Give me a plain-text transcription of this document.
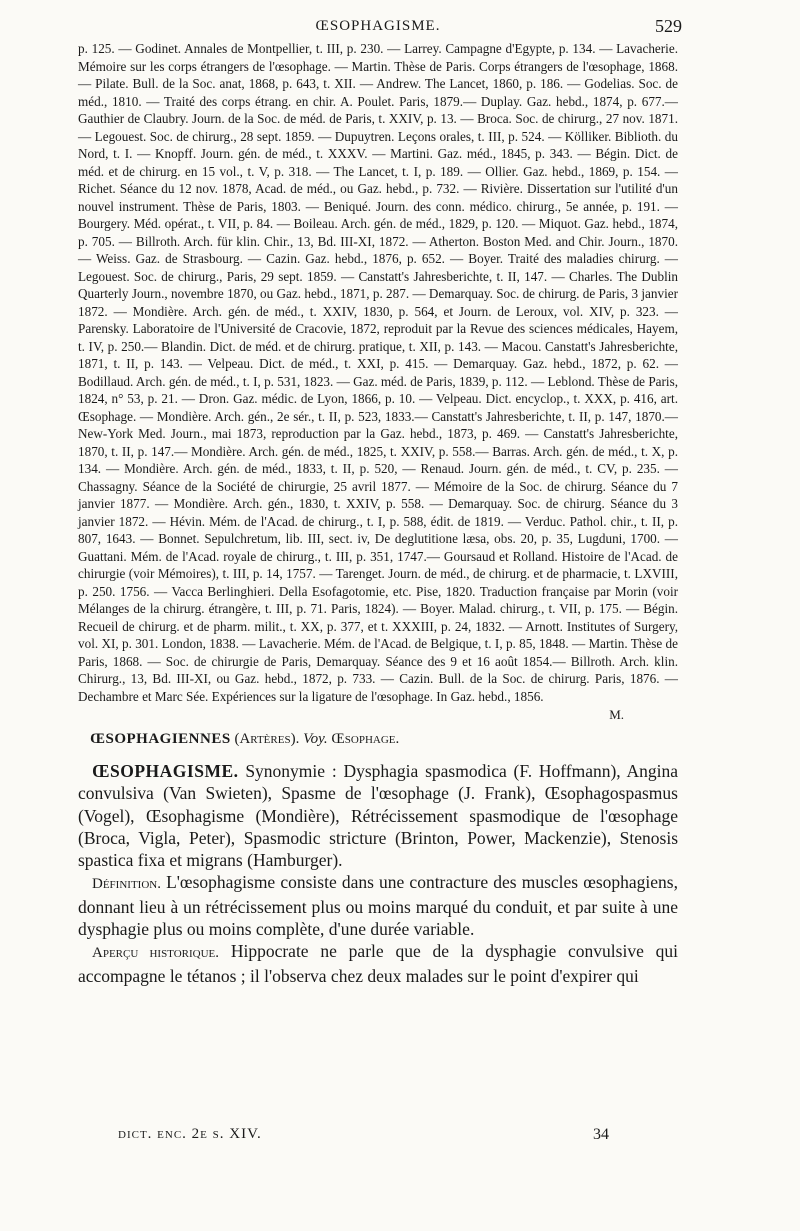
ŒSOPHAGISME.	529

p. 125. — Godinet. Annales de Montpellier, t. III, p. 230. — Larrey. Campagne d'Egypte, p. 134. — Lavacherie. Mémoire sur les corps étrangers de l'œsophage. — Martin. Thèse de Paris. Corps étrangers de l'œsophage, 1868. — Pilate. Bull. de la Soc. anat, 1868, p. 643, t. XII. — Andrew. The Lancet, 1860, p. 186. — Godelias. Soc. de méd., 1810. — Traité des corps étrang. en chir. A. Poulet. Paris, 1879.— Duplay. Gaz. hebd., 1874, p. 677.— Gauthier de Claubry. Journ. de la Soc. de méd. de Paris, t. XXIV, p. 13. — Broca. Soc. de chirurg., 27 nov. 1871. — Legouest. Soc. de chirurg., 28 sept. 1859. — Dupuytren. Leçons orales, t. III, p. 524. — Kölliker. Biblioth. du Nord, t. I. — Knopff. Journ. gén. de méd., t. XXXV. — Martini. Gaz. méd., 1845, p. 343. — Bégin. Dict. de méd. et de chirurg. en 15 vol., t. V, p. 318. — The Lancet, t. I, p. 189. — Ollier. Gaz. hebd., 1869, p. 154. — Richet. Séance du 12 nov. 1878, Acad. de méd., ou Gaz. hebd., p. 732. — Rivière. Dissertation sur l'utilité d'un nouvel instrument. Thèse de Paris, 1803. — Beniqué. Journ. des conn. médico. chirurg., 5e année, p. 191. — Bourgery. Méd. opérat., t. VII, p. 84. — Boileau. Arch. gén. de méd., 1829, p. 120. — Miquot. Gaz. hebd., 1874, p. 705. — Billroth. Arch. für klin. Chir., 13, Bd. III-XI, 1872. — Atherton. Boston Med. and Chir. Journ., 1870. — Weiss. Gaz. de Strasbourg. — Cazin. Gaz. hebd., 1876, p. 652. — Boyer. Traité des maladies chirurg. — Legouest. Soc. de chirurg., Paris, 29 sept. 1859. — Canstatt's Jahresberichte, t. II, 147. — Charles. The Dublin Quarterly Journ., novembre 1870, ou Gaz. hebd., 1871, p. 287. — Demarquay. Soc. de chirurg. de Paris, 3 janvier 1872. — Mondière. Arch. gén. de méd., t. XXIV, 1830, p. 564, et Journ. de Leroux, vol. XIV, p. 323. — Parensky. Laboratoire de l'Université de Cracovie, 1872, reproduit par la Revue des sciences médicales, Hayem, t. IV, p. 250.— Blandin. Dict. de méd. et de chirurg. pratique, t. XII, p. 143. — Macou. Canstatt's Jahresberichte, 1871, t. II, p. 143. — Velpeau. Dict. de méd., t. XXI, p. 415. — Demarquay. Gaz. hebd., 1872, p. 62. — Bodillaud. Arch. gén. de méd., t. I, p. 531, 1823. — Gaz. méd. de Paris, 1839, p. 112. — Leblond. Thèse de Paris, 1824, n° 53, p. 21. — Dron. Gaz. médic. de Lyon, 1866, p. 10. — Velpeau. Dict. encyclop., t. XXX, p. 416, art. Œsophage. — Mondière. Arch. gén., 2e sér., t. II, p. 523, 1833.— Canstatt's Jahresberichte, t. II, p. 147, 1870.— New-York Med. Journ., mai 1873, reproduction par la Gaz. hebd., 1873, p. 469. — Canstatt's Jahresberichte, 1870, t. II, p. 147.— Mondière. Arch. gén. de méd., 1825, t. XXIV, p. 558.— Barras. Arch. gén. de méd., t. X, p. 134. — Mondière. Arch. gén. de méd., 1833, t. II, p. 520, — Renaud. Journ. gén. de méd., t. CV, p. 235. — Chassagny. Séance de la Société de chirurgie, 25 avril 1877. — Mémoire de la Soc. de chirurg. Séance du 7 janvier 1877. — Mondière. Arch. gén., 1830, t. XXIV, p. 558. — Demarquay. Soc. de chirurg. Séance du 3 janvier 1872. — Hévin. Mém. de l'Acad. de chirurg., t. I, p. 588, édit. de 1819. — Verduc. Pathol. chir., t. II, p. 807, 1643. — Bonnet. Sepulchretum, lib. III, sect. iv, De deglutitione læsa, obs. 20, p. 35, Lugduni, 1700. — Guattani. Mém. de l'Acad. royale de chirurg., t. III, p. 351, 1747.— Goursaud et Rolland. Histoire de l'Acad. de chirurgie (voir Mémoires), t. III, p. 14, 1757. — Tarenget. Journ. de méd., de chirurg. et de pharmacie, t. LXVIII, p. 250. 1756. — Vacca Berlinghieri. Della Esofagotomie, etc. Pise, 1820. Traduction française par Morin (voir Mélanges de la chirurg. étrangère, t. III, p. 71. Paris, 1824). — Boyer. Malad. chirurg., t. VII, p. 175. — Bégin. Recueil de chirurg. et de pharm. milit., t. XX, p. 377, et t. XXXIII, p. 24, 1832. — Arnott. Institutes of Surgery, vol. XI, p. 301. London, 1838. — Lavacherie. Mém. de l'Acad. de Belgique, t. I, p. 85, 1848. — Martin. Thèse de Paris, 1868. — Soc. de chirurgie de Paris, Demarquay. Séance des 9 et 16 août 1854.— Billroth. Arch. klin. Chirurg., 13, Bd. III-XI, ou Gaz. hebd., 1872, p. 733. — Cazin. Bull. de la Soc. de chirurg. Paris, 1876. — Dechambre et Marc Sée. Expériences sur la ligature de l'œsophage. In Gaz. hebd., 1856.

M.
ŒSOPHAGIENNES (Artères). Voy. Œsophage.

ŒSOPHAGISME. Synonymie : Dysphagia spasmodica (F. Hoffmann), Angina convulsiva (Van Swieten), Spasme de l'œsophage (J. Frank), Œsophagospasmus (Vogel), Œsophagisme (Mondière), Rétrécissement spasmodique de l'œsophage (Broca, Vigla, Peter), Spasmodic stricture (Brinton, Power, Mackenzie), Stenosis spastica fixa et migrans (Hamburger).

Définition. L'œsophagisme consiste dans une contracture des muscles œsophagiens, donnant lieu à un rétrécissement plus ou moins marqué du conduit, et par suite à une dysphagie plus ou moins complète, d'une durée variable.

Aperçu historique. Hippocrate ne parle que de la dysphagie convulsive qui accompagne le tétanos ; il l'observa chez deux malades sur le point d'expirer qui

dict. enc. 2e s. XIV.	34
